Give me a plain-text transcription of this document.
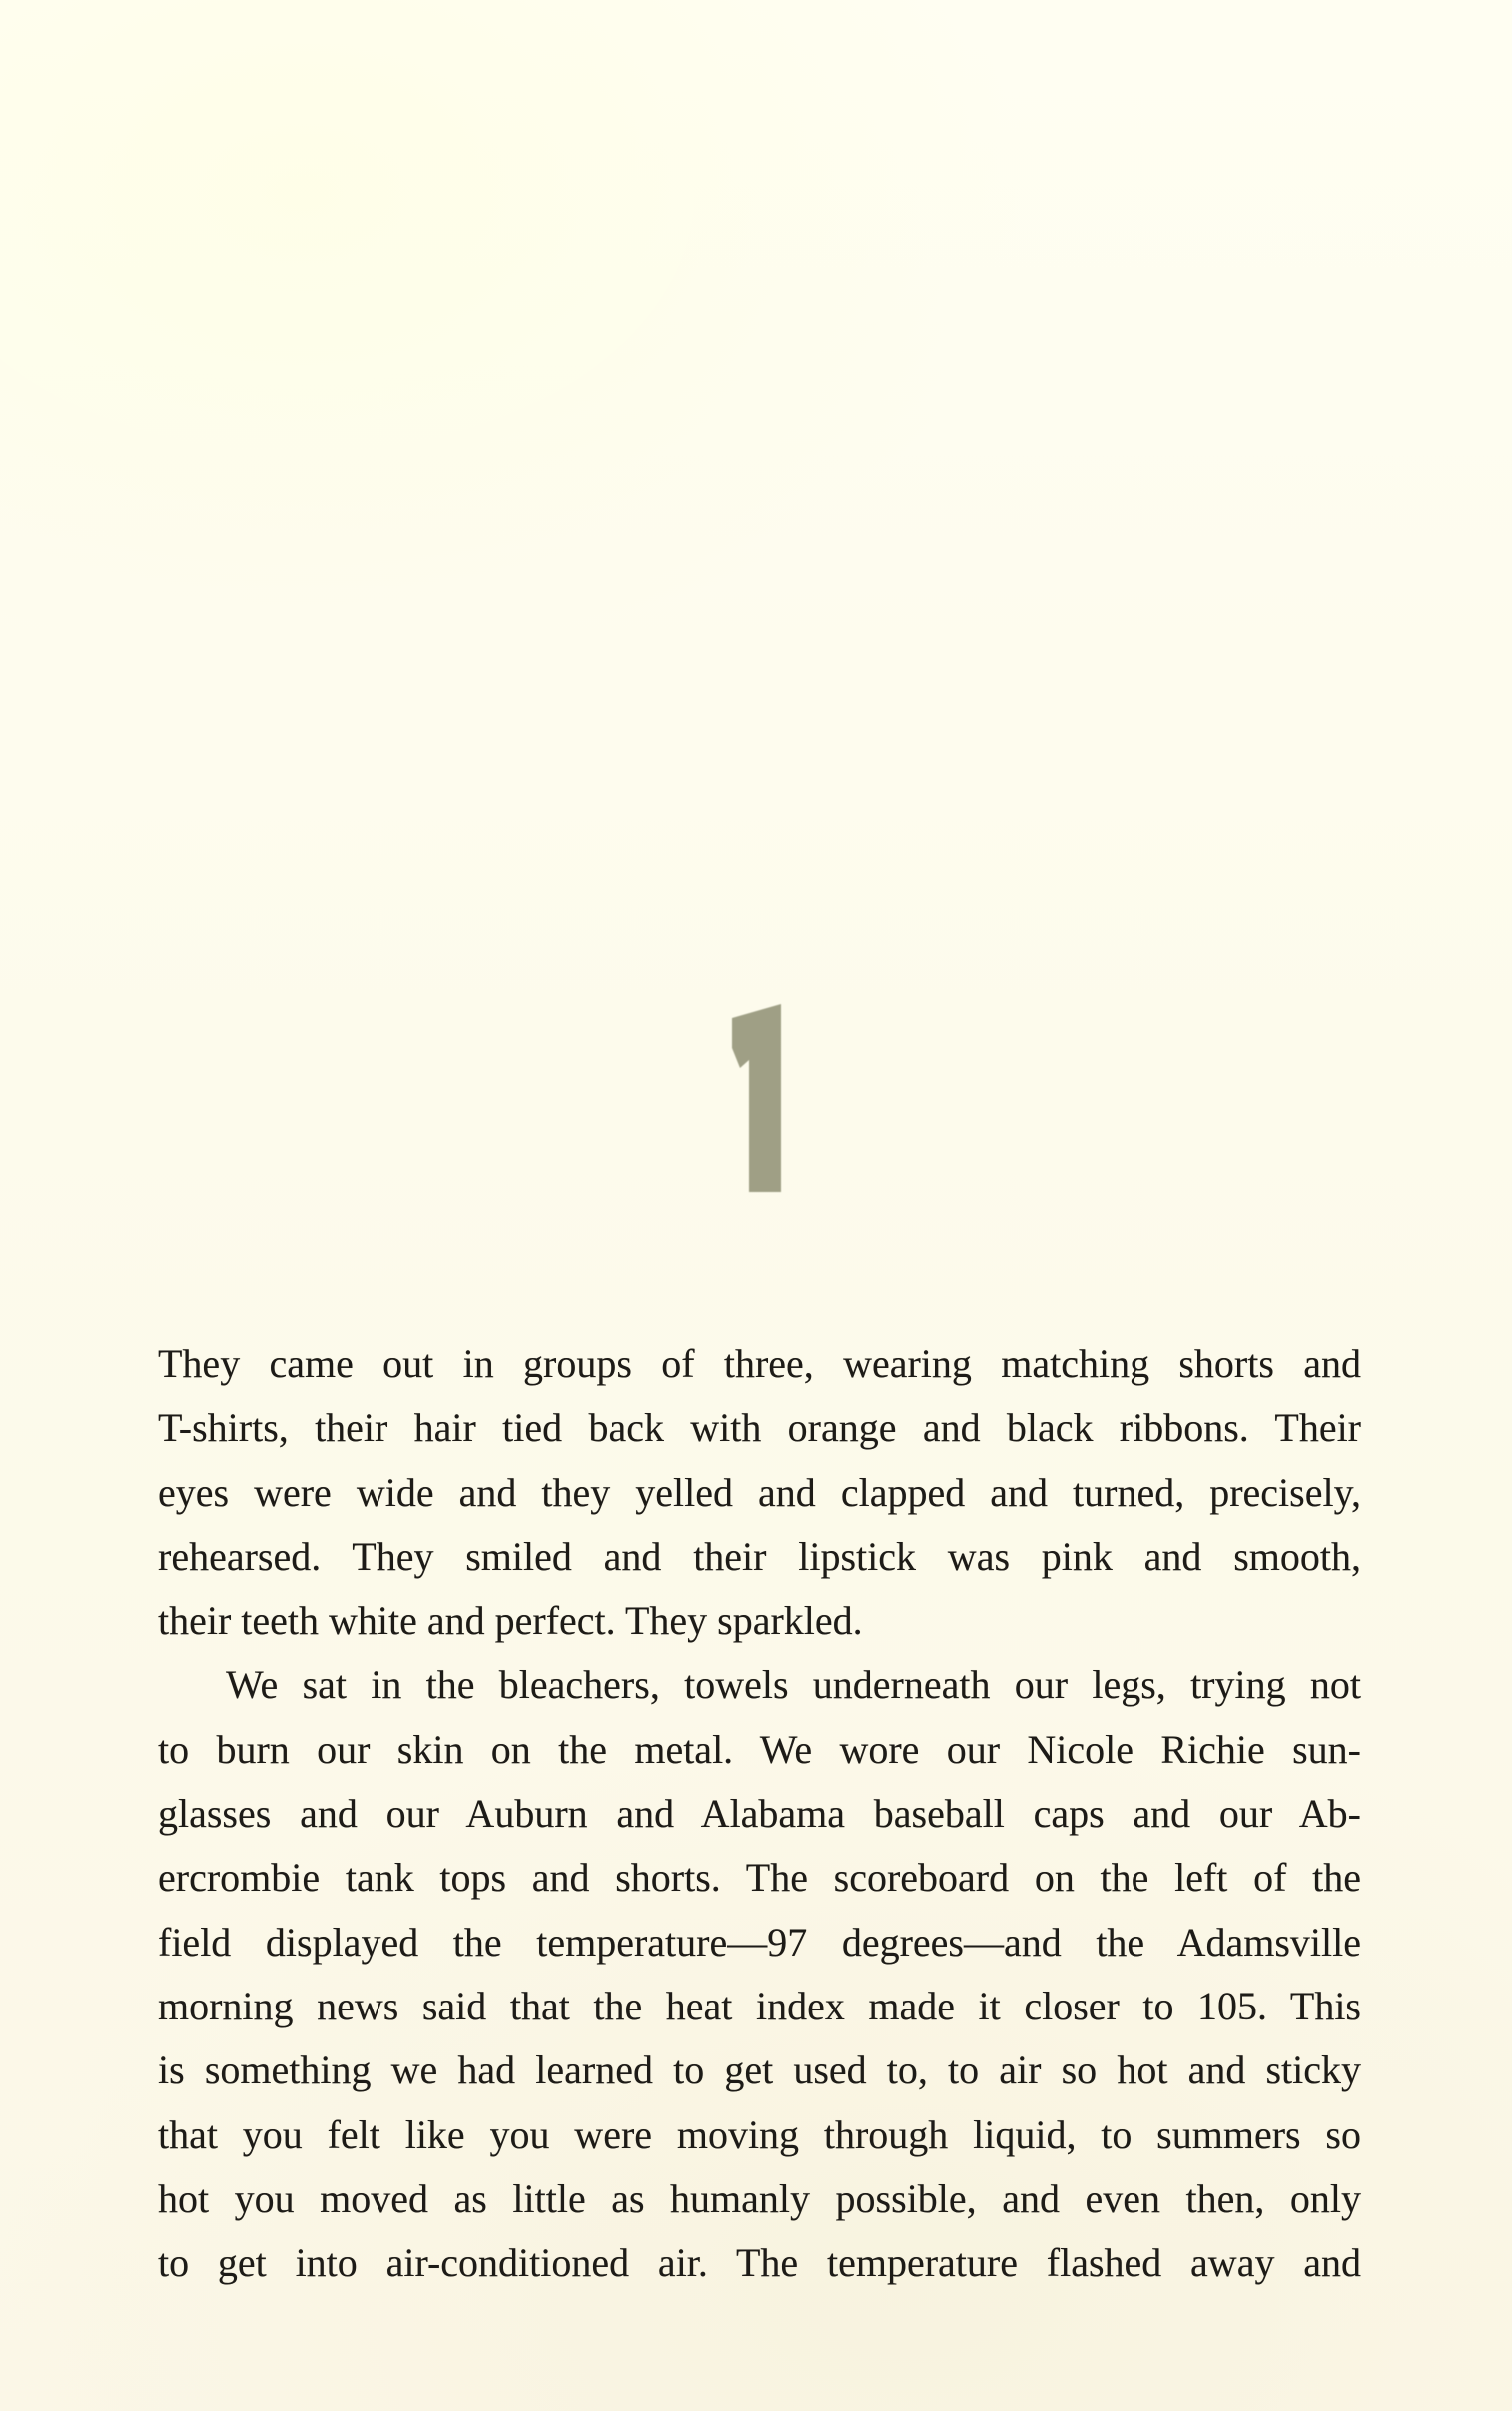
They came out in groups of three, wearing matching shorts and
T-shirts, their hair tied back with orange and black ribbons. Their
eyes were wide and they yelled and clapped and turned, precisely,
rehearsed. They smiled and their lipstick was pink and smooth,
their teeth white and perfect. They sparkled.
We sat in the bleachers, towels underneath our legs, trying not
to burn our skin on the metal. We wore our Nicole Richie sun-
glasses and our Auburn and Alabama baseball caps and our Ab-
ercrombie tank tops and shorts. The scoreboard on the left of the
field displayed the temperature—97 degrees—and the Adamsville
morning news said that the heat index made it closer to 105. This
is something we had learned to get used to, to air so hot and sticky
that you felt like you were moving through liquid, to summers so
hot you moved as little as humanly possible, and even then, only
to get into air-conditioned air. The temperature flashed away and
